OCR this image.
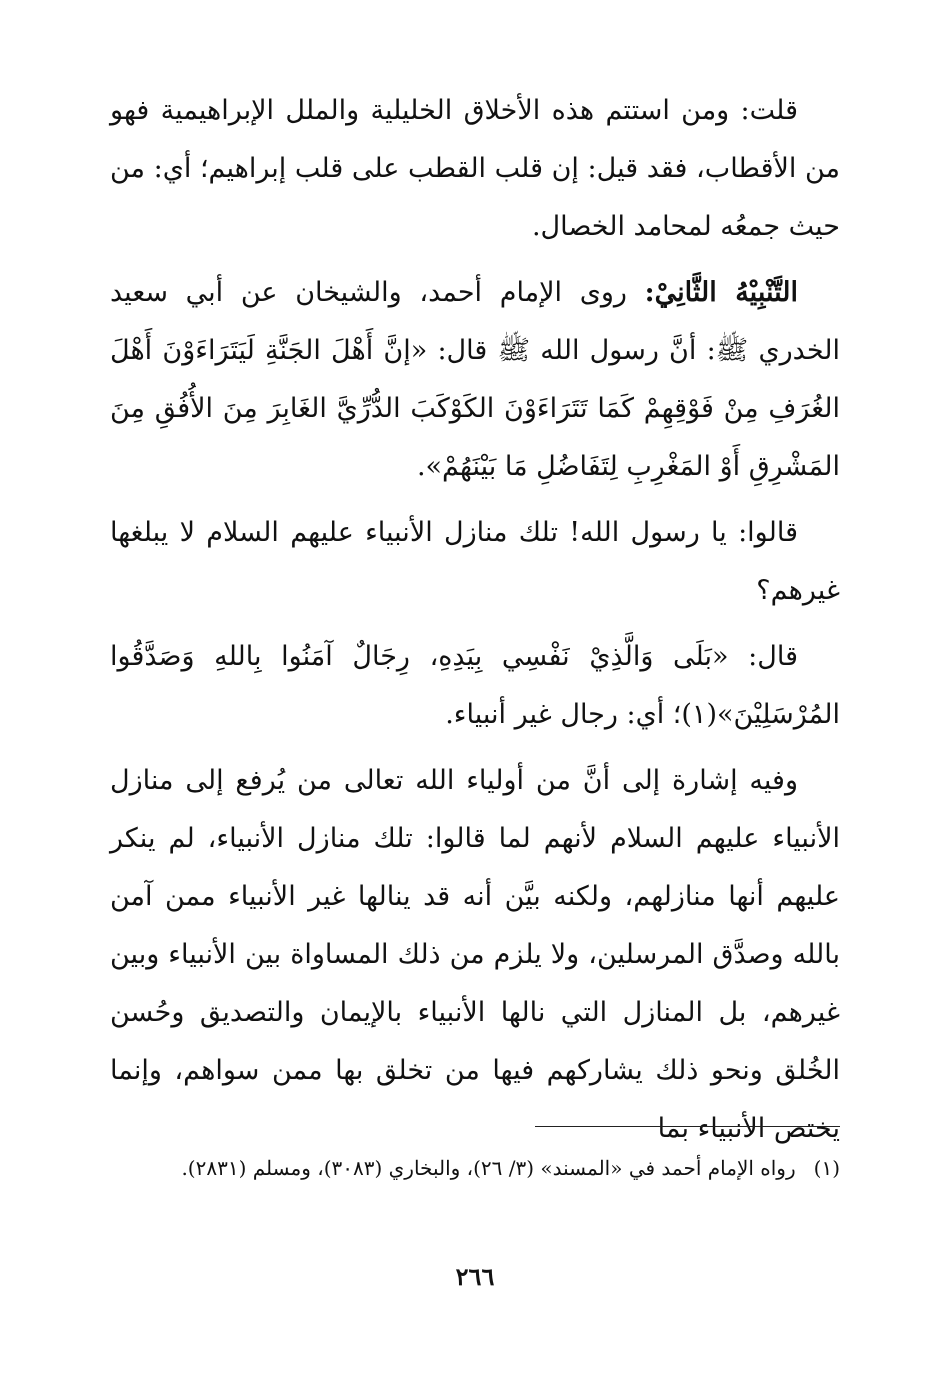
قلت: ومن استتم هذه الأخلاق الخليلية والملل الإبراهيمية فهو من الأقطاب، فقد قيل: إن قلب القطب على قلب إبراهيم؛ أي: من حيث جمعُه لمحامد الخصال.

التَّنْبِيْهُ الثَّانِيْ: روى الإمام أحمد، والشيخان عن أبي سعيد الخدري ﷺ: أنَّ رسول الله ﷺ قال: «إنَّ أَهْلَ الجَنَّةِ لَيَتَرَاءَوْنَ أَهْلَ الغُرَفِ مِنْ فَوْقِهِمْ كَمَا تَتَرَاءَوْنَ الكَوْكَبَ الدُّرِّيَّ الغَابِرَ مِنَ الأُفُقِ مِنَ المَشْرِقِ أَوْ المَغْرِبِ لِتَفَاضُلِ مَا بَيْنَهُمْ».

قالوا: يا رسول الله! تلك منازل الأنبياء عليهم السلام لا يبلغها غيرهم؟

قال: «بَلَى وَالَّذِيْ نَفْسِي بِيَدِهِ، رِجَالٌ آمَنُوا بِاللهِ وَصَدَّقُوا المُرْسَلِيْنَ»(١)؛ أي: رجال غير أنبياء.

وفيه إشارة إلى أنَّ من أولياء الله تعالى من يُرفع إلى منازل الأنبياء عليهم السلام لأنهم لما قالوا: تلك منازل الأنبياء، لم ينكر عليهم أنها منازلهم، ولكنه بيَّن أنه قد ينالها غير الأنبياء ممن آمن بالله وصدَّق المرسلين، ولا يلزم من ذلك المساواة بين الأنبياء وبين غيرهم، بل المنازل التي نالها الأنبياء بالإيمان والتصديق وحُسن الخُلق ونحو ذلك يشاركهم فيها من تخلق بها ممن سواهم، وإنما يختص الأنبياء بما

(١)رواه الإمام أحمد في «المسند» (٣/ ٢٦)، والبخاري (٣٠٨٣)، ومسلم (٢٨٣١).

٢٦٦
